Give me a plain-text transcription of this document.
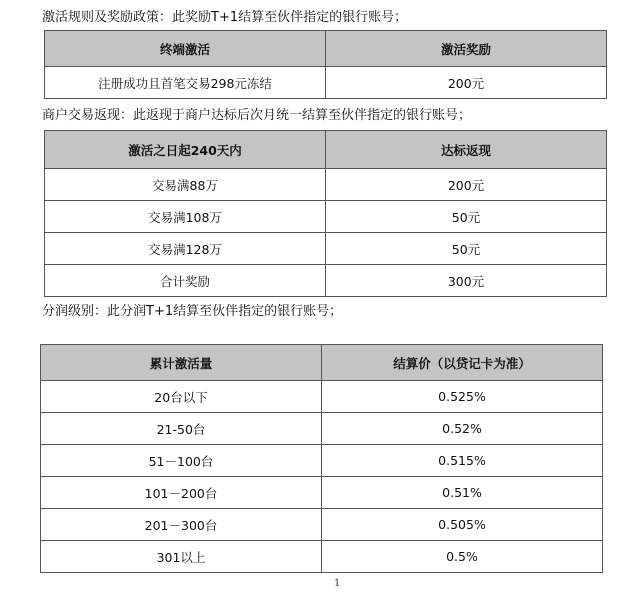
激活规则及奖励政策：此奖励T+1结算至伙伴指定的银行账号；
终端激活	激活奖励
注册成功且首笔交易298元冻结	200元
商户交易返现：此返现于商户达标后次月统一结算至伙伴指定的银行账号；
激活之日起240天内	达标返现
交易满88万	200元
交易满108万	50元
交易满128万	50元
合计奖励	300元
分润级别：此分润T+1结算至伙伴指定的银行账号；
累计激活量	结算价（以贷记卡为准）
20台以下	0.525%
21-50台	0.52%
51－100台	0.515%
101－200台	0.51%
201－300台	0.505%
301以上	0.5%
1
